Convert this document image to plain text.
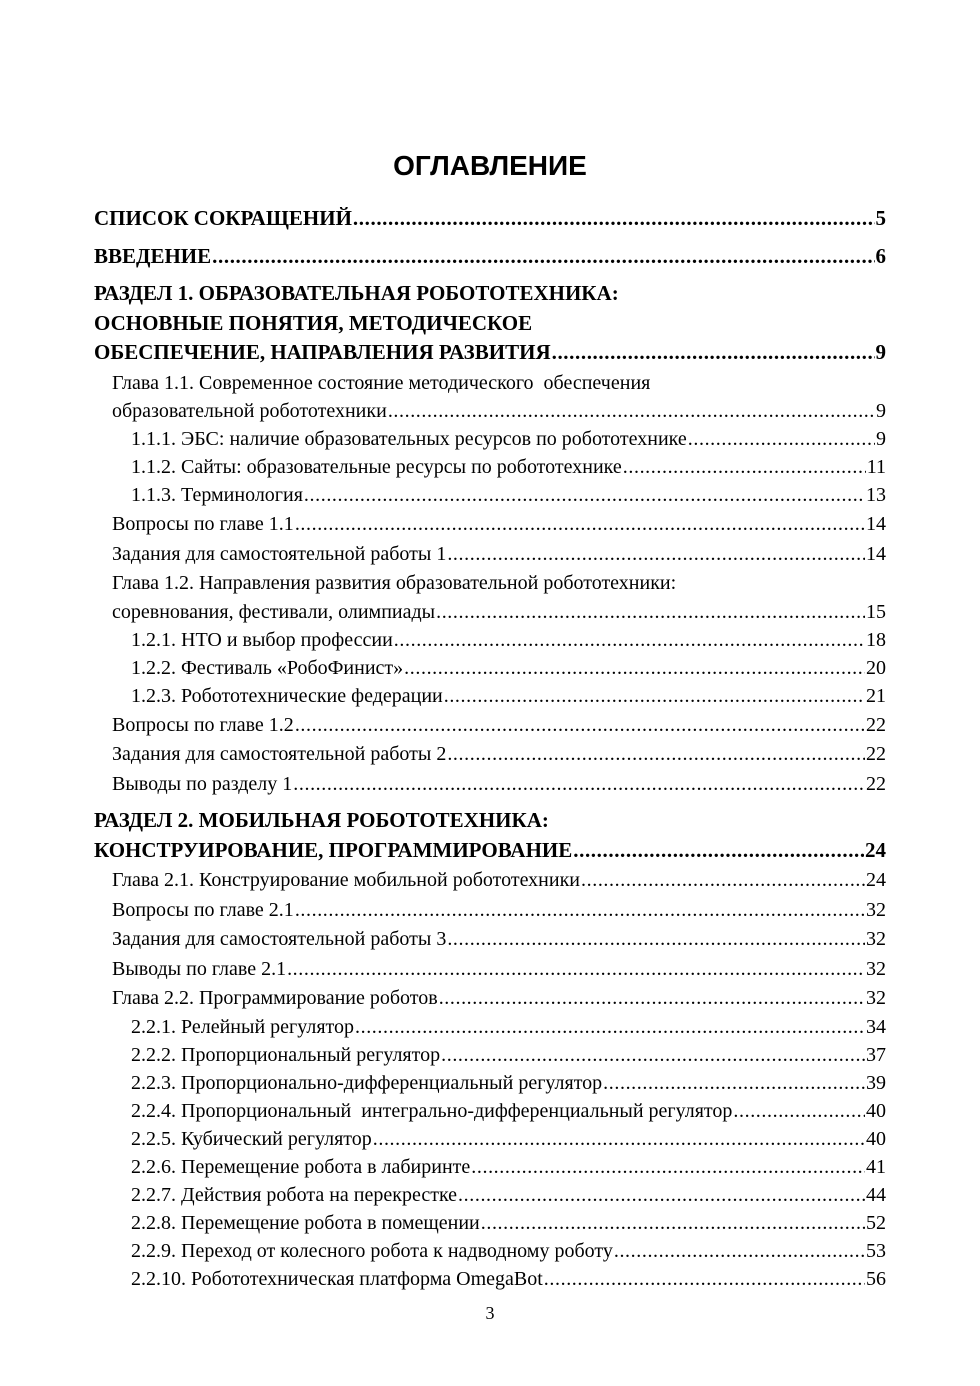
ОГЛАВЛЕНИЕ
СПИСОК СОКРАЩЕНИЙ .....	5
ВВЕДЕНИЕ .....	6
РАЗДЕЛ 1. ОБРАЗОВАТЕЛЬНАЯ РОБОТОТЕХНИКА:
ОСНОВНЫЕ ПОНЯТИЯ, МЕТОДИЧЕСКОЕ
ОБЕСПЕЧЕНИЕ, НАПРАВЛЕНИЯ РАЗВИТИЯ .....	9
Глава 1.1. Современное состояние методического  обеспечения
образовательной робототехники .....	9
1.1.1. ЭБС: наличие образовательных ресурсов по робототехнике .....	9
1.1.2. Сайты: образовательные ресурсы по робототехнике .....	11
1.1.3. Терминология .....	13
Вопросы по главе 1.1 .....	14
Задания для самостоятельной работы 1 .....	14
Глава 1.2. Направления развития образовательной робототехники:
соревнования, фестивали, олимпиады .....	15
1.2.1. НТО и выбор профессии .....	18
1.2.2. Фестиваль «РобоФинист» .....	20
1.2.3. Робототехнические федерации .....	21
Вопросы по главе 1.2 .....	22
Задания для самостоятельной работы 2 .....	22
Выводы по разделу 1 .....	22
РАЗДЕЛ 2. МОБИЛЬНАЯ РОБОТОТЕХНИКА:
КОНСТРУИРОВАНИЕ, ПРОГРАММИРОВАНИЕ .....	24
Глава 2.1. Конструирование мобильной робототехники .....	24
Вопросы по главе 2.1 .....	32
Задания для самостоятельной работы 3 .....	32
Выводы по главе 2.1 .....	32
Глава 2.2. Программирование роботов .....	32
2.2.1. Релейный регулятор .....	34
2.2.2. Пропорциональный регулятор .....	37
2.2.3. Пропорционально-дифференциальный регулятор .....	39
2.2.4. Пропорциональный  интегрально-дифференциальный регулятор .....	40
2.2.5. Кубический регулятор .....	40
2.2.6. Перемещение робота в лабиринте .....	41
2.2.7. Действия робота на перекрестке .....	44
2.2.8. Перемещение робота в помещении .....	52
2.2.9. Переход от колесного робота к надводному роботу .....	53
2.2.10. Робототехническая платформа OmegaBot .....	56
3
